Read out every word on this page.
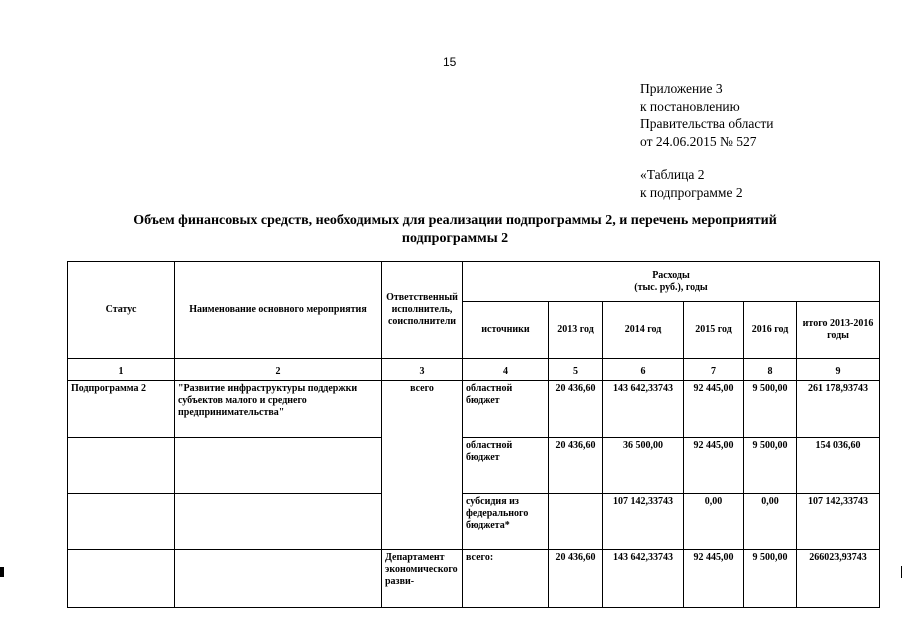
15
Приложение 3
к постановлению
Правительства области
от 24.06.2015 № 527
«Таблица 2
к подпрограмме 2
Объем финансовых средств, необходимых для реализации подпрограммы 2, и перечень мероприятий
подпрограммы 2
Статус	Наименование основного мероприятия	Ответственный исполнитель, соисполнители	Расходы
(тыс. руб.), годы					

			источники	2013 год	2014 год	2015 год	2016 год	итого 2013-2016 годы
1	2	3	4	5	6	7	8	9
Подпрограмма 2	"Развитие инфраструктуры поддержки субъектов малого и среднего предпринимательства"	всего	областной бюджет	20 436,60	143 642,33743	92 445,00	9 500,00	261 178,93743
			областной бюджет	20 436,60	36 500,00	92 445,00	9 500,00	154 036,60
			субсидия из федерального бюджета*		107 142,33743	0,00	0,00	107 142,33743
		Департамент экономического разви-	всего:	20 436,60	143 642,33743	92 445,00	9 500,00	266023,93743
